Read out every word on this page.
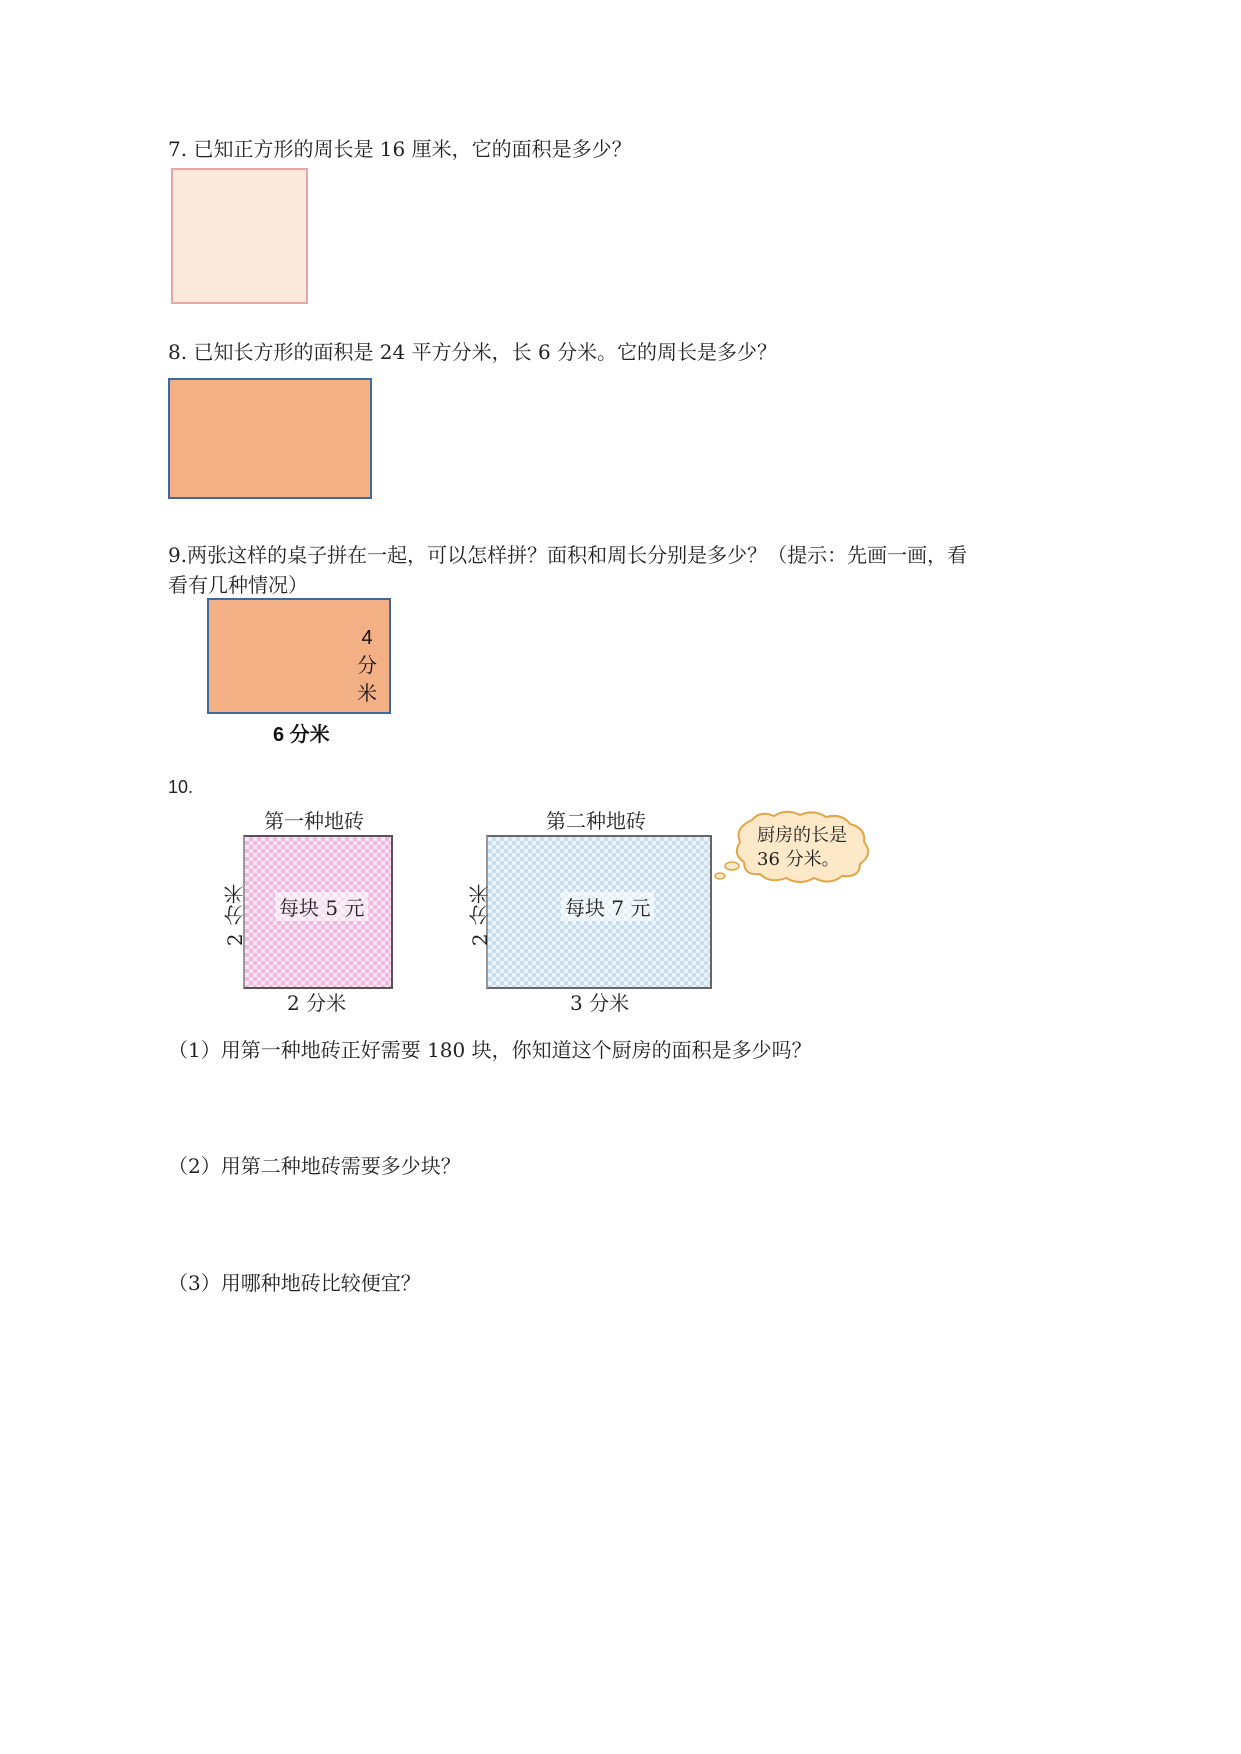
7. 已知正方形的周长是 16 厘米，它的面积是多少？
8. 已知长方形的面积是 24 平方分米，长 6 分米。它的周长是多少？
9.两张这样的桌子拼在一起，可以怎样拼？面积和周长分别是多少？（提示：先画一画，看
看有几种情况）
4 分 米
6 分米
10.
第一种地砖
每块 5 元
2 分米
2 分米
第二种地砖
每块 7 元
2 分米
3 分米
厨房的长是
36 分米。
（1）用第一种地砖正好需要 180 块，你知道这个厨房的面积是多少吗？
（2）用第二种地砖需要多少块？
（3）用哪种地砖比较便宜？
